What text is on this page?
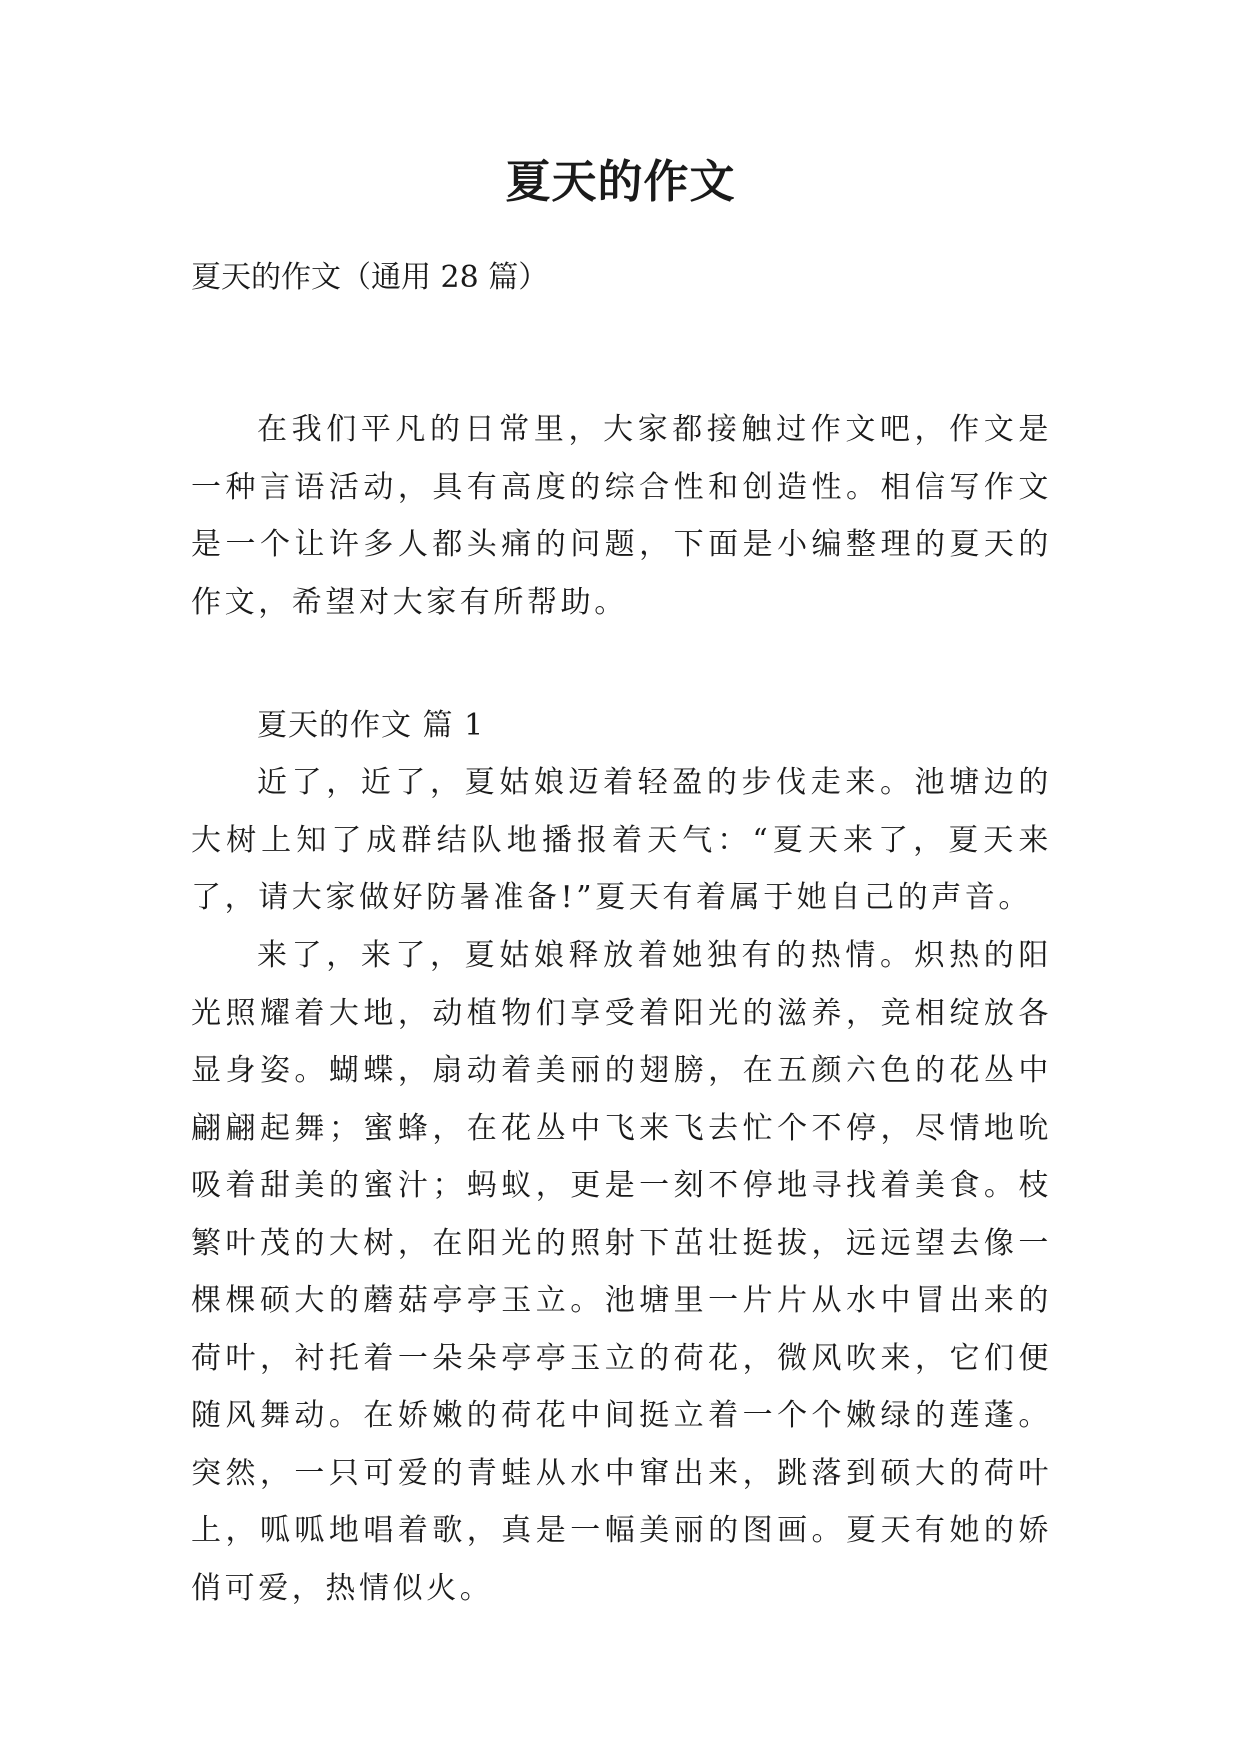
夏天的作文

夏天的作文（通用 28 篇）

在我们平凡的日常里，大家都接触过作文吧，作文是一种言语活动，具有高度的综合性和创造性。相信写作文是一个让许多人都头痛的问题，下面是小编整理的夏天的作文，希望对大家有所帮助。

夏天的作文 篇 1

近了，近了，夏姑娘迈着轻盈的步伐走来。池塘边的大树上知了成群结队地播报着天气：“夏天来了，夏天来了，请大家做好防暑准备!”夏天有着属于她自己的声音。

来了，来了，夏姑娘释放着她独有的热情。炽热的阳光照耀着大地，动植物们享受着阳光的滋养，竞相绽放各显身姿。蝴蝶，扇动着美丽的翅膀，在五颜六色的花丛中翩翩起舞；蜜蜂，在花丛中飞来飞去忙个不停，尽情地吮吸着甜美的蜜汁；蚂蚁，更是一刻不停地寻找着美食。枝繁叶茂的大树，在阳光的照射下茁壮挺拔，远远望去像一棵棵硕大的蘑菇亭亭玉立。池塘里一片片从水中冒出来的荷叶，衬托着一朵朵亭亭玉立的荷花，微风吹来，它们便随风舞动。在娇嫩的荷花中间挺立着一个个嫩绿的莲蓬。突然，一只可爱的青蛙从水中窜出来，跳落到硕大的荷叶上，呱呱地唱着歌，真是一幅美丽的图画。夏天有她的娇俏可爱，热情似火。
